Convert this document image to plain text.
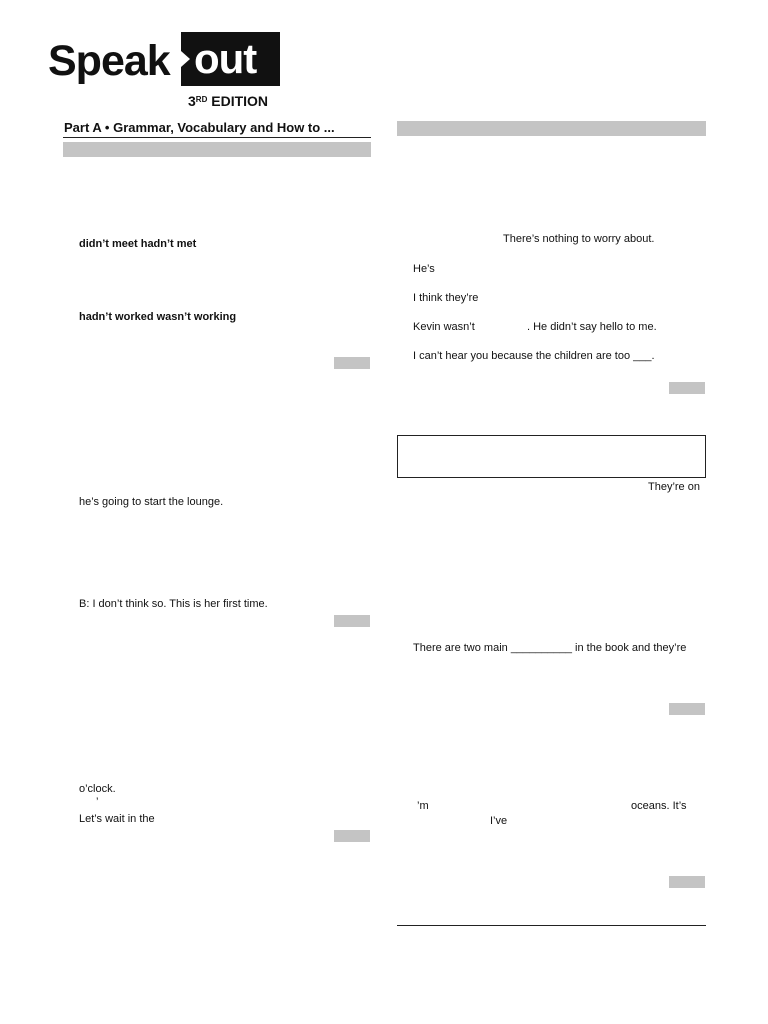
Speak out
3RD EDITION
Part A • Grammar, Vocabulary and How to ...
didn’t meet hadn’t met
hadn’t worked wasn’t working
he’s going to start the lounge.
B: I don’t think so. This is her first time.
o’clock.
’
Let’s wait in the
There’s nothing to worry about.
He’s
I think they’re
Kevin wasn’t	. He didn’t say hello to me.
I can’t hear you because the children are too ___.
They’re on
There are two main __________ in the book and they’re
’m	oceans. It’s
I’ve
